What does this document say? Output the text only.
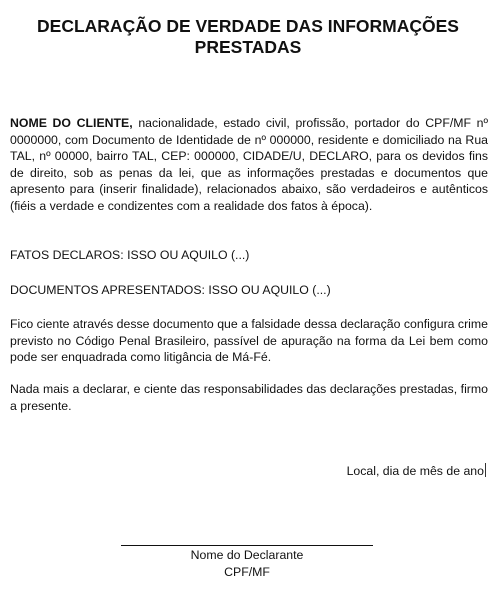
DECLARAÇÃO DE VERDADE DAS INFORMAÇÕES PRESTADAS
NOME DO CLIENTE, nacionalidade, estado civil, profissão, portador do CPF/MF nº 0000000, com Documento de Identidade de nº 000000, residente e domiciliado na Rua TAL, nº 00000, bairro TAL, CEP: 000000, CIDADE/U, DECLARO, para os devidos fins de direito, sob as penas da lei, que as informações prestadas e documentos que apresento para (inserir finalidade), relacionados abaixo, são verdadeiros e autênticos (fiéis a verdade e condizentes com a realidade dos fatos à época).
FATOS DECLAROS: ISSO OU AQUILO (...)
DOCUMENTOS APRESENTADOS: ISSO OU AQUILO (...)
Fico ciente através desse documento que a falsidade dessa declaração configura crime previsto no Código Penal Brasileiro, passível de apuração na forma da Lei bem como pode ser enquadrada como litigância de Má-Fé.
Nada mais a declarar, e ciente das responsabilidades das declarações prestadas, firmo a presente.
Local, dia de mês de ano
Nome do Declarante
CPF/MF
